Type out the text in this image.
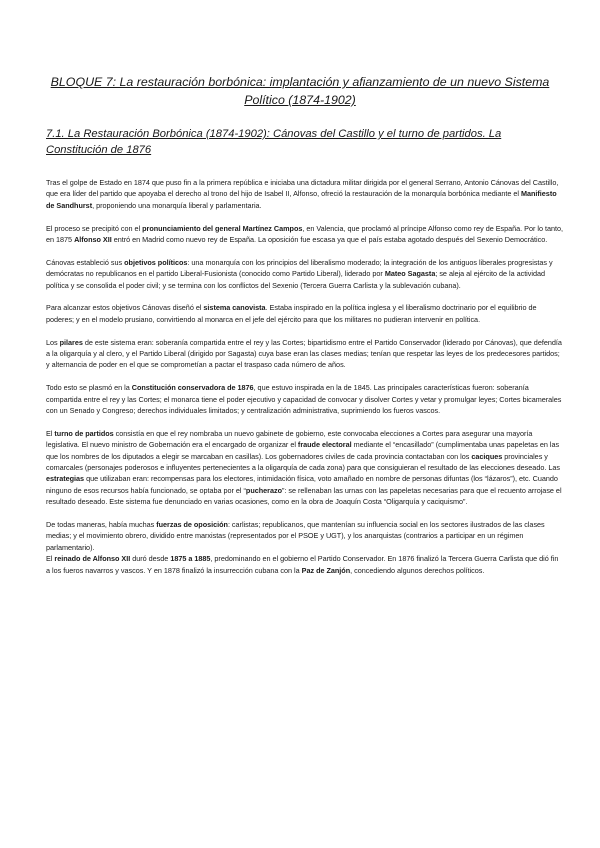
BLOQUE 7: La restauración borbónica: implantación y afianzamiento de un nuevo Sistema Político (1874-1902)
7.1. La Restauración Borbónica (1874-1902): Cánovas del Castillo y el turno de partidos. La Constitución de 1876

Tras el golpe de Estado en 1874 que puso fin a la primera república e iniciaba una dictadura militar dirigida por el general Serrano, Antonio Cánovas del Castillo, que era líder del partido que apoyaba el derecho al trono del hijo de Isabel II, Alfonso, ofreció la restauración de la monarquía borbónica mediante el Manifiesto de Sandhurst, proponiendo una monarquía liberal y parlamentaria.

El proceso se precipitó con el pronunciamiento del general Martínez Campos, en Valencia, que proclamó al príncipe Alfonso como rey de España. Por lo tanto, en 1875 Alfonso XII entró en Madrid como nuevo rey de España. La oposición fue escasa ya que el país estaba agotado después del Sexenio Democrático.

Cánovas estableció sus objetivos políticos: una monarquía con los principios del liberalismo moderado; la integración de los antiguos liberales progresistas y demócratas no republicanos en el partido Liberal-Fusionista (conocido como Partido Liberal), liderado por Mateo Sagasta; se aleja al ejército de la actividad política y se consolida el poder civil; y se termina con los conflictos del Sexenio (Tercera Guerra Carlista y la sublevación cubana).

Para alcanzar estos objetivos Cánovas diseñó el sistema canovista. Estaba inspirado en la política inglesa y el liberalismo doctrinario por el equilibrio de poderes; y en el modelo prusiano, convirtiendo al monarca en el jefe del ejército para que los militares no pudieran intervenir en política.

Los pilares de este sistema eran: soberanía compartida entre el rey y las Cortes; bipartidismo entre el Partido Conservador (liderado por Cánovas), que defendía a la oligarquía y al clero, y el Partido Liberal (dirigido por Sagasta) cuya base eran las clases medias; tenían que respetar las leyes de los predecesores partidos; y alternancia de poder en el que se comprometían a pactar el traspaso cada número de años.

Todo esto se plasmó en la Constitución conservadora de 1876, que estuvo inspirada en la de 1845. Las principales características fueron: soberanía compartida entre el rey y las Cortes; el monarca tiene el poder ejecutivo y capacidad de convocar y disolver Cortes y vetar y promulgar leyes; Cortes bicamerales con un Senado y Congreso; derechos individuales limitados; y centralización administrativa, suprimiendo los fueros vascos.

El turno de partidos consistía en que el rey nombraba un nuevo gabinete de gobierno, este convocaba elecciones a Cortes para asegurar una mayoría legislativa. El nuevo ministro de Gobernación era el encargado de organizar el fraude electoral mediante el “encasillado” (cumplimentaba unas papeletas en las que los nombres de los diputados a elegir se marcaban en casillas). Los gobernadores civiles de cada provincia contactaban con los caciques provinciales y comarcales (personajes poderosos e influyentes pertenecientes a la oligarquía de cada zona) para que consiguieran el resultado de las elecciones deseado. Las estrategias que utilizaban eran: recompensas para los electores, intimidación física, voto amañado en nombre de personas difuntas (los “lázaros”), etc. Cuando ninguno de esos recursos había funcionado, se optaba por el “pucherazo”: se rellenaban las urnas con las papeletas necesarias para que el recuento arrojase el resultado deseado. Este sistema fue denunciado en varias ocasiones, como en la obra de Joaquín Costa “Oligarquía y caciquismo”.

De todas maneras, había muchas fuerzas de oposición: carlistas; republicanos, que mantenían su influencia social en los sectores ilustrados de las clases medias; y el movimiento obrero, dividido entre marxistas (representados por el PSOE y UGT), y los anarquistas (contrarios a participar en un régimen parlamentario).

El reinado de Alfonso XII duró desde 1875 a 1885, predominando en el gobierno el Partido Conservador. En 1876 finalizó la Tercera Guerra Carlista que dió fin a los fueros navarros y vascos. Y en 1878 finalizó la insurrección cubana con la Paz de Zanjón, concediendo algunos derechos políticos.
